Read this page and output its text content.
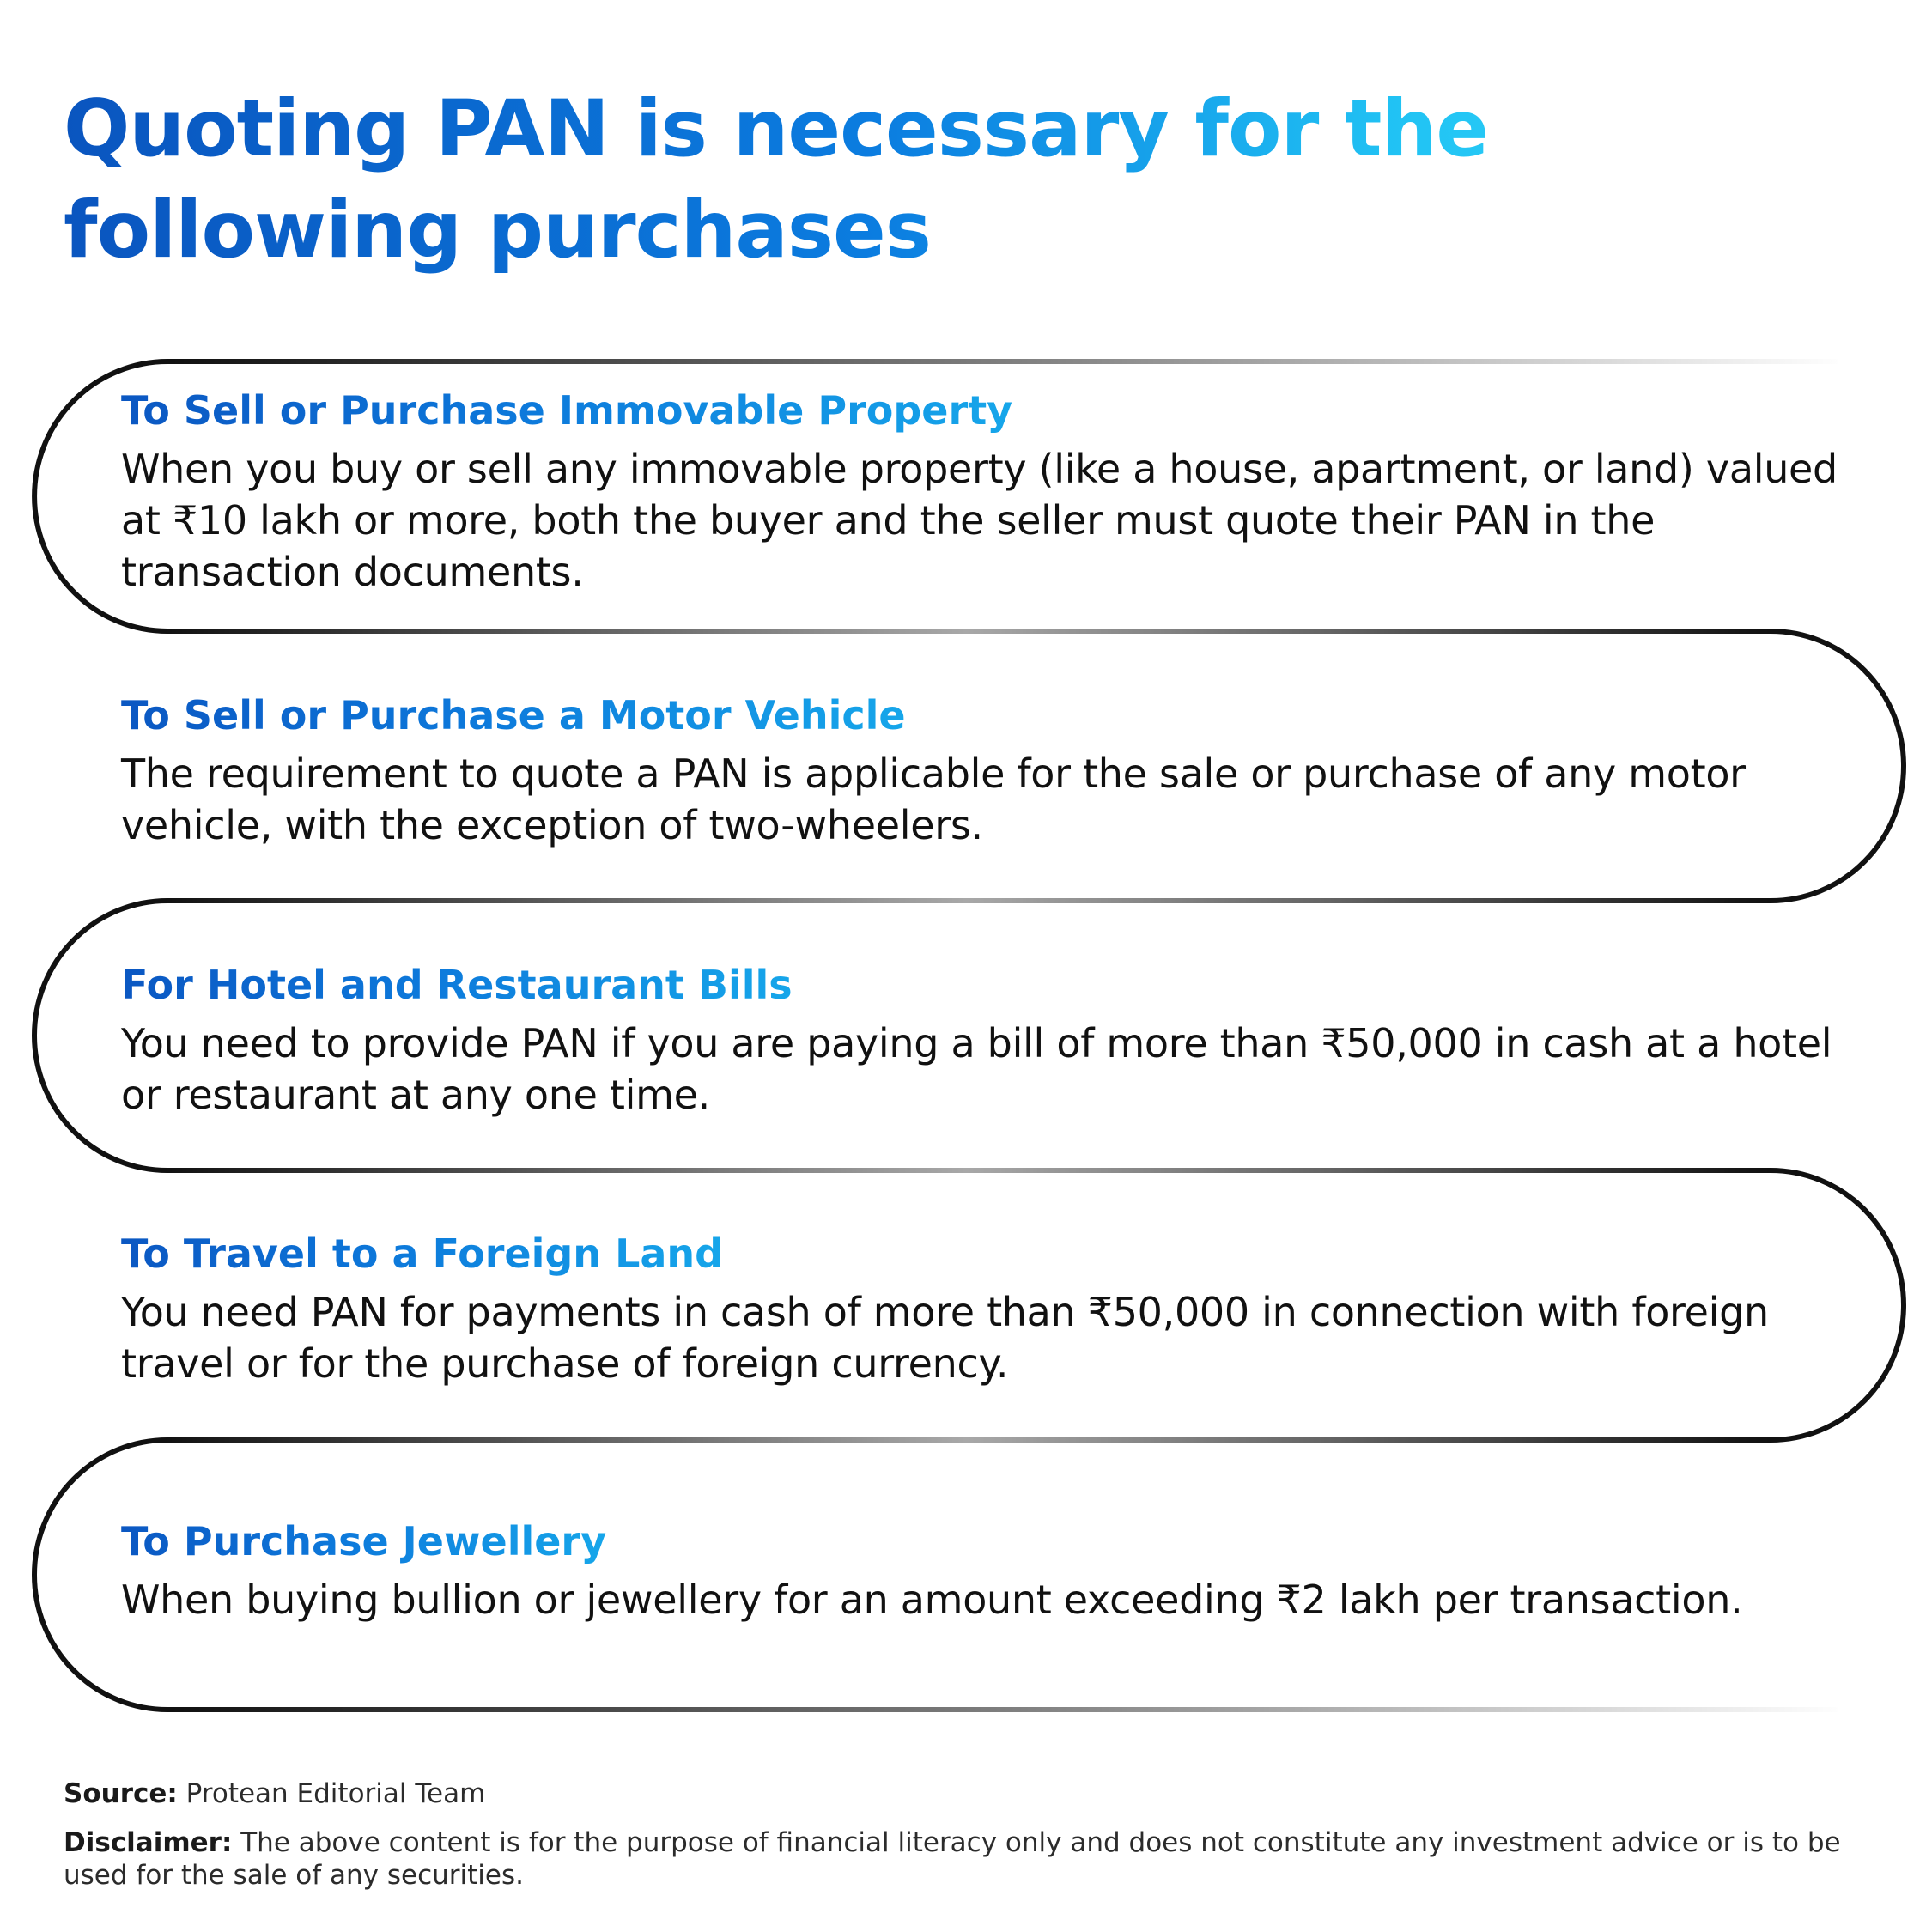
Quoting PAN is necessary for the following purchases
To Sell or Purchase Immovable Property

When you buy or sell any immovable property (like a house, apartment, or land) valued at ₹10 lakh or more, both the buyer and the seller must quote their PAN in the transaction documents.

To Sell or Purchase a Motor Vehicle

The requirement to quote a PAN is applicable for the sale or purchase of any motor vehicle, with the exception of two-wheelers.

For Hotel and Restaurant Bills

You need to provide PAN if you are paying a bill of more than ₹50,000 in cash at a hotel or restaurant at any one time.

To Travel to a Foreign Land

You need PAN for payments in cash of more than ₹50,000 in connection with foreign travel or for the purchase of foreign currency.

To Purchase Jewellery

When buying bullion or jewellery for an amount exceeding ₹2 lakh per transaction.

Source: Protean Editorial Team

Disclaimer: The above content is for the purpose of financial literacy only and does not constitute any investment advice or is to be used for the sale of any securities.
